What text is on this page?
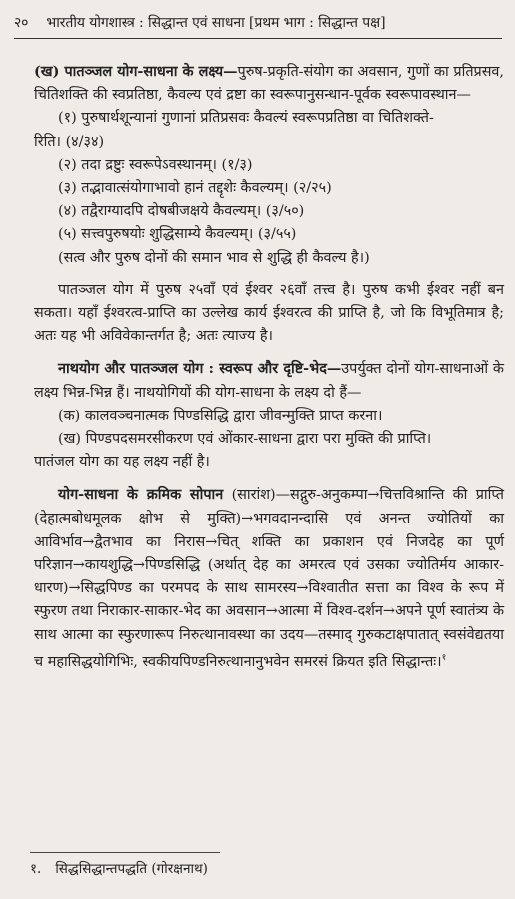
२० भारतीय योगशास्त्र : सिद्धान्त एवं साधना [प्रथम भाग : सिद्धान्त पक्ष]

(ख) पातञ्जल योग-साधना के लक्ष्य—पुरुष-प्रकृति-संयोग का अवसान, गुणों का प्रतिप्रसव, चितिशक्ति की स्वप्रतिष्ठा, कैवल्य एवं द्रष्टा का स्वरूपानुसन्धान-पूर्वक स्वरूपावस्थान—

(१) पुरुषार्थशून्यानां गुणानां प्रतिप्रसवः कैवल्यं स्वरूपप्रतिष्ठा वा चितिशक्ते-

रिति। (४/३४)

(२) तदा द्रष्टुः स्वरूपेऽवस्थानम्। (१/३)

(३) तद्भावात्संयोगाभावो हानं तद्दृशेः कैवल्यम्। (२/२५)

(४) तद्वैराग्यादपि दोषबीजक्षये कैवल्यम्। (३/५०)

(५) सत्त्वपुरुषयोः शुद्धिसाम्ये कैवल्यम्। (३/५५)

(सत्व और पुरुष दोनों की समान भाव से शुद्धि ही कैवल्य है।)

पातञ्जल योग में पुरुष २५वाँ एवं ईश्वर २६वाँ तत्त्व है। पुरुष कभी ईश्वर नहीं बन सकता। यहाँ ईश्वरत्व-प्राप्ति का उल्लेख कार्य ईश्वरत्व की प्राप्ति है, जो कि विभूतिमात्र है; अतः यह भी अविवेकान्तर्गत है; अतः त्याज्य है।

नाथयोग और पातञ्जल योग : स्वरूप और दृष्टि-भेद—उपर्युक्त दोनों योग-साधनाओं के लक्ष्य भिन्न-भिन्न हैं। नाथयोगियों की योग-साधना के लक्ष्य दो हैं—

(क) कालवञ्चनात्मक पिण्डसिद्धि द्वारा जीवन्मुक्ति प्राप्त करना।

(ख) पिण्डपदसमरसीकरण एवं ओंकार-साधना द्वारा परा मुक्ति की प्राप्ति।

पातंजल योग का यह लक्ष्य नहीं है।

योग-साधना के क्रमिक सोपान (सारांश)—सद्गुरु-अनुकम्पा→चित्तविश्रान्ति की प्राप्ति (देहात्मबोधमूलक क्षोभ से मुक्ति)→भगवदानन्दासि एवं अनन्त ज्योतियों का आविर्भाव→द्वैतभाव का निरास→चित् शक्ति का प्रकाशन एवं निजदेह का पूर्ण परिज्ञान→कायशुद्धि→पिण्डसिद्धि (अर्थात् देह का अमरत्व एवं उसका ज्योतिर्मय आकार-धारण)→सिद्धपिण्ड का परमपद के साथ सामरस्य→विश्वातीत सत्ता का विश्व के रूप में स्फुरण तथा निराकार-साकार-भेद का अवसान→आत्मा में विश्व-दर्शन→अपने पूर्ण स्वातंत्र्य के साथ आत्मा का स्फुरणारूप निरुत्थानावस्था का उदय—तस्माद् गुरुकटाक्षपातात् स्वसंवेद्यतया च महासिद्धयोगिभिः, स्वकीयपिण्डनिरुत्थानानुभवेन समरसं क्रियत इति सिद्धान्तः।$^१$

१. सिद्धसिद्धान्तपद्धति (गोरक्षनाथ)
